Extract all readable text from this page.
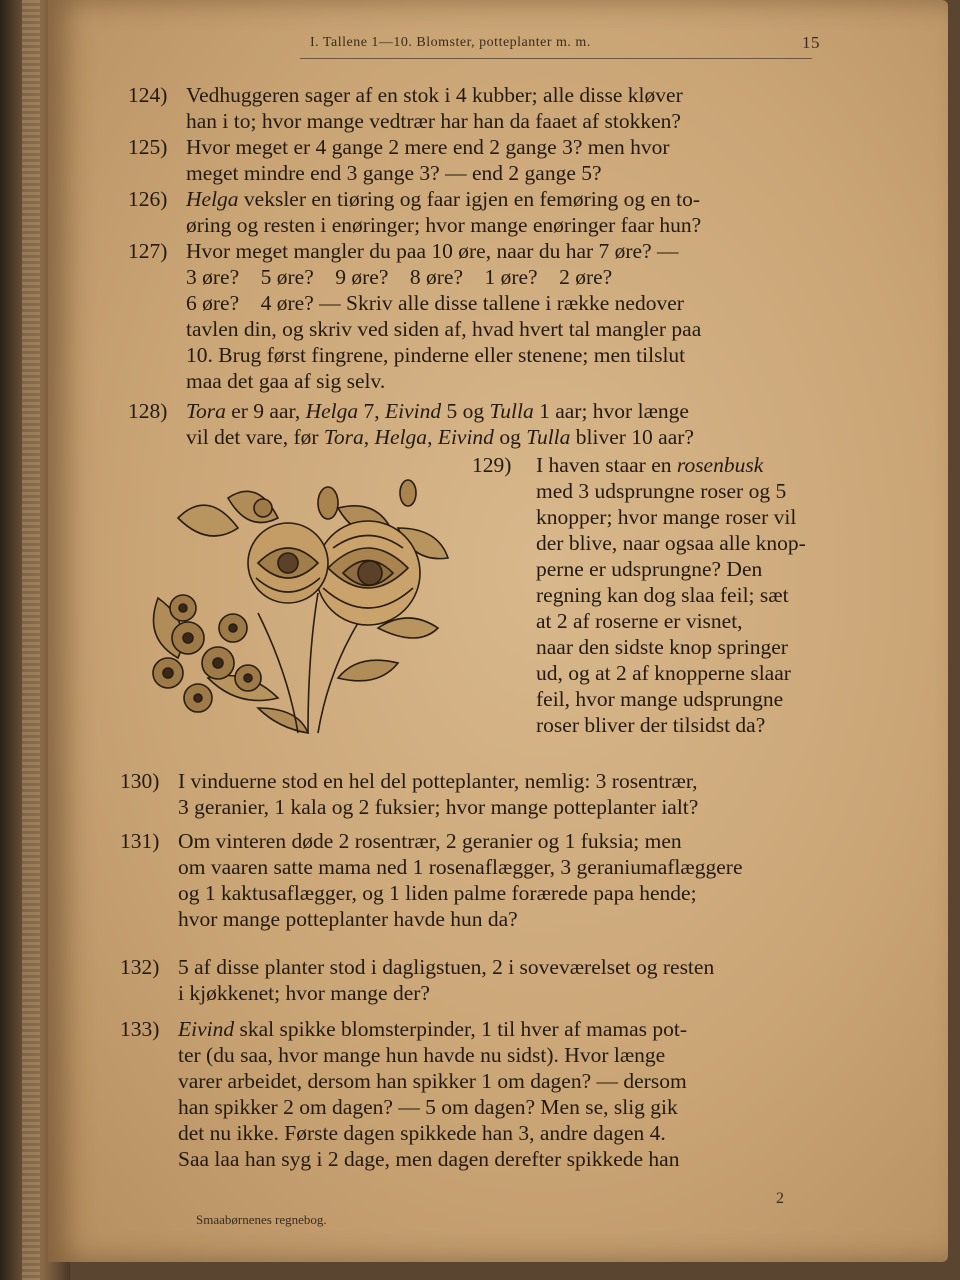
I. Tallene 1—10. Blomster, potteplanter m. m.	15
124) Vedhuggeren sager af en stok i 4 kubber; alle disse kløver

han i to; hvor mange vedtrær har han da faaet af stokken?

125) Hvor meget er 4 gange 2 mere end 2 gange 3? men hvor

meget mindre end 3 gange 3? — end 2 gange 5?

126) Helga veksler en tiøring og faar igjen en femøring og en to-

øring og resten i enøringer; hvor mange enøringer faar hun?

127) Hvor meget mangler du paa 10 øre, naar du har 7 øre? —

3 øre?    5 øre?    9 øre?    8 øre?    1 øre?    2 øre?

6 øre?    4 øre? — Skriv alle disse tallene i række nedover

tavlen din, og skriv ved siden af, hvad hvert tal mangler paa

10. Brug først fingrene, pinderne eller stenene; men tilslut

maa det gaa af sig selv.

128) Tora er 9 aar, Helga 7, Eivind 5 og Tulla 1 aar; hvor længe

vil det vare, før Tora, Helga, Eivind og Tulla bliver 10 aar?

129) I haven staar en rosenbusk

med 3 udsprungne roser og 5

knopper; hvor mange roser vil

der blive, naar ogsaa alle knop-

perne er udsprungne? Den

regning kan dog slaa feil; sæt

at 2 af roserne er visnet,

naar den sidste knop springer

ud, og at 2 af knopperne slaar

feil, hvor mange udsprungne

roser bliver der tilsidst da?

130) I vinduerne stod en hel del potteplanter, nemlig: 3 rosentrær,

3 geranier, 1 kala og 2 fuksier; hvor mange potteplanter ialt?

131) Om vinteren døde 2 rosentrær, 2 geranier og 1 fuksia; men

om vaaren satte mama ned 1 rosenaflægger, 3 geraniumaflæggere

og 1 kaktusaflægger, og 1 liden palme forærede papa hende;

hvor mange potteplanter havde hun da?

132) 5 af disse planter stod i dagligstuen, 2 i soveværelset og resten

i kjøkkenet; hvor mange der?

133) Eivind skal spikke blomsterpinder, 1 til hver af mamas pot-

ter (du saa, hvor mange hun havde nu sidst). Hvor længe

varer arbeidet, dersom han spikker 1 om dagen? — dersom

han spikker 2 om dagen? — 5 om dagen? Men se, slig gik

det nu ikke. Første dagen spikkede han 3, andre dagen 4.

Saa laa han syg i 2 dage, men dagen derefter spikkede han

2
Smaabørnenes regnebog.
